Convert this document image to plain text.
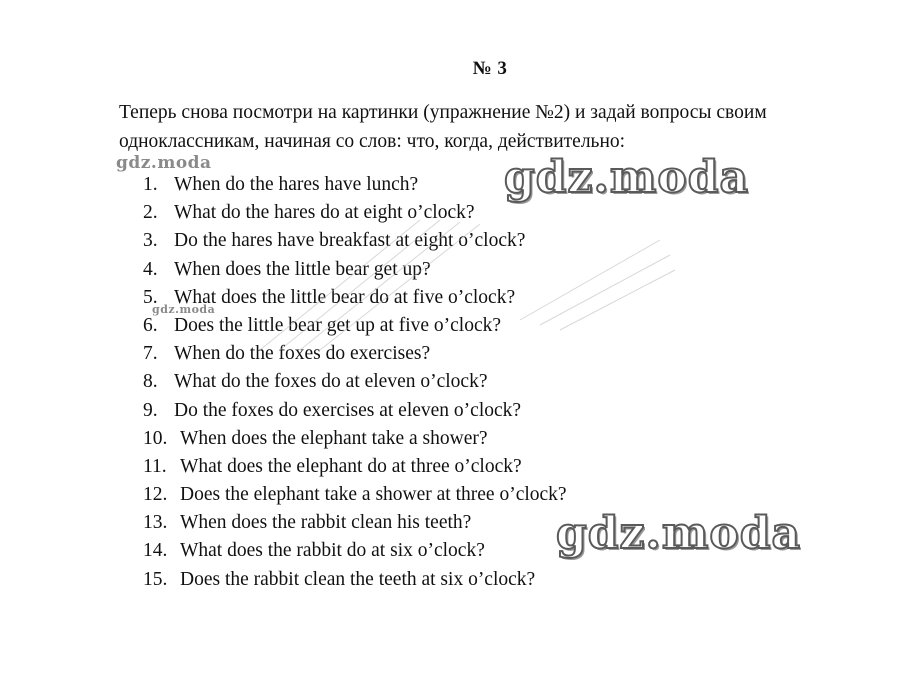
№ 3
Теперь снова посмотри на картинки (упражнение №2) и задай вопросы своим
одноклассникам, начиная со слов: что, когда, действительно:
1. When do the hares have lunch?
2. What do the hares do at eight o’clock?
3. Do the hares have breakfast at eight o’clock?
4. When does the little bear get up?
5. What does the little bear do at five o’clock?
6. Does the little bear get up at five o’clock?
7. When do the foxes do exercises?
8. What do the foxes do at eleven o’clock?
9. Do the foxes do exercises at eleven o’clock?
10. When does the elephant take a shower?
11. What does the elephant do at three o’clock?
12. Does the elephant take a shower at three o’clock?
13. When does the rabbit clean his teeth?
14. What does the rabbit do at six o’clock?
15. Does the rabbit clean the teeth at six o’clock?
gdz.moda
gdz.moda
gdz.moda
gdz.moda
